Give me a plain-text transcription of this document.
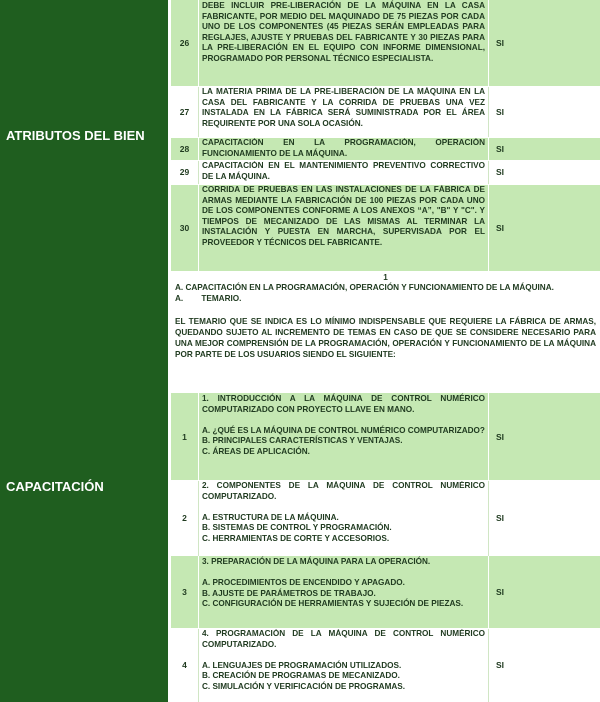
ATRIBUTOS DEL BIEN
CAPACITACIÓN
26
DEBE INCLUIR PRE-LIBERACIÓN DE LA MÁQUINA EN LA CASA FABRICANTE, POR MEDIO DEL MAQUINADO DE 75 PIEZAS POR CADA UNO DE LOS COMPONENTES (45 PIEZAS SERÁN EMPLEADAS PARA REGLAJES, AJUSTE Y PRUEBAS DEL FABRICANTE Y 30 PIEZAS PARA LA PRE-LIBERACIÓN EN EL EQUIPO CON INFORME DIMENSIONAL, PROGRAMADO POR PERSONAL TÉCNICO ESPECIALISTA.
SI
27
LA MATERIA PRIMA DE LA PRE-LIBERACIÓN DE LA MÁQUINA EN LA CASA DEL FABRICANTE Y LA CORRIDA DE PRUEBAS UNA VEZ INSTALADA EN LA FÁBRICA SERÁ SUMINISTRADA POR EL ÁREA REQUIRENTE POR UNA SOLA OCASIÓN.
SI
28
CAPACITACIÓN EN LA PROGRAMACIÓN, OPERACIÓN FUNCIONAMIENTO DE LA MÁQUINA.	SI
29
CAPACITACIÓN EN EL MANTENIMIENTO PREVENTIVO CORRECTIVO DE LA MÁQUINA.	SI
30
CORRIDA DE PRUEBAS EN LAS INSTALACIONES DE LA FÁBRICA DE ARMAS MEDIANTE LA FABRICACIÓN DE 100 PIEZAS POR CADA UNO DE LOS COMPONENTES CONFORME A LOS ANEXOS “A”, "B" Y "C". Y TIEMPOS DE MECANIZADO DE LAS MISMAS AL TERMINAR LA INSTALACIÓN Y PUESTA EN MARCHA, SUPERVISADA POR EL PROVEEDOR Y TÉCNICOS DEL FABRICANTE.
SI
1

A. CAPACITACIÓN EN LA PROGRAMACIÓN, OPERACIÓN Y FUNCIONAMIENTO DE LA MÁQUINA.

A.        TEMARIO.

EL TEMARIO QUE SE INDICA ES LO MÍNIMO INDISPENSABLE QUE REQUIERE LA FÁBRICA DE ARMAS, QUEDANDO SUJETO AL INCREMENTO DE TEMAS EN CASO DE QUE SE CONSIDERE NECESARIO PARA UNA MEJOR COMPRENSIÓN DE LA PROGRAMACIÓN, OPERACIÓN Y FUNCIONAMIENTO DE LA MÁQUINA POR PARTE DE LOS USUARIOS SIENDO EL SIGUIENTE:

1

1. INTRODUCCIÓN A LA MÁQUINA DE CONTROL NUMÉRICO COMPUTARIZADO CON PROYECTO LLAVE EN MANO.

A. ¿QUÉ ES LA MÁQUINA DE CONTROL NUMÉRICO COMPUTARIZADO?

B. PRINCIPALES CARACTERÍSTICAS Y VENTAJAS.

C. ÁREAS DE APLICACIÓN.

SI
2

2. COMPONENTES DE LA MÁQUINA DE CONTROL NUMÉRICO COMPUTARIZADO.

A. ESTRUCTURA DE LA MÁQUINA.

B. SISTEMAS DE CONTROL Y PROGRAMACIÓN.

C. HERRAMIENTAS DE CORTE Y ACCESORIOS.

SI
3

3. PREPARACIÓN DE LA MÁQUINA PARA LA OPERACIÓN.

A. PROCEDIMIENTOS DE ENCENDIDO Y APAGADO.

B. AJUSTE DE PARÁMETROS DE TRABAJO.

C. CONFIGURACIÓN DE HERRAMIENTAS Y SUJECIÓN DE PIEZAS.

SI
4

4. PROGRAMACIÓN DE LA MÁQUINA DE CONTROL NUMÉRICO COMPUTARIZADO.

A. LENGUAJES DE PROGRAMACIÓN UTILIZADOS.

B. CREACIÓN DE PROGRAMAS DE MECANIZADO.

C. SIMULACIÓN Y VERIFICACIÓN DE PROGRAMAS.

SI
